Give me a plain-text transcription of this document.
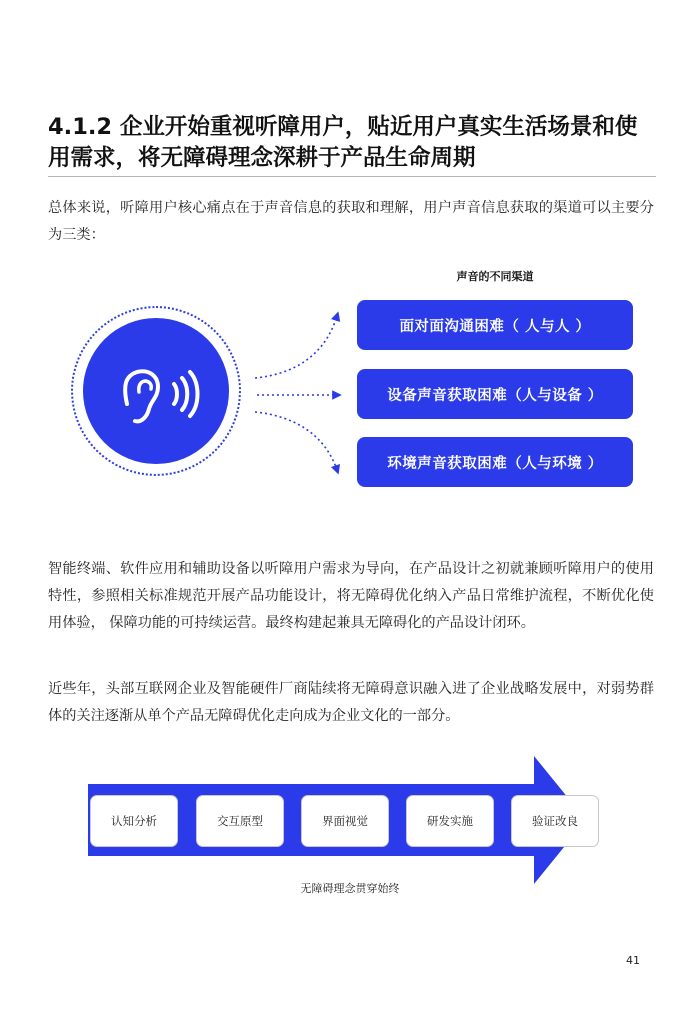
4.1.2 企业开始重视听障用户，贴近用户真实生活场景和使用需求，将无障碍理念深耕于产品生命周期

总体来说，听障用户核心痛点在于声音信息的获取和理解，用户声音信息获取的渠道可以主要分为三类：

声音的不同渠道
面对面沟通困难（ 人与人 ）
设备声音获取困难（人与设备 ）
环境声音获取困难（人与环境 ）

智能终端、软件应用和辅助设备以听障用户需求为导向，在产品设计之初就兼顾听障用户的使用特性，参照相关标准规范开展产品功能设计，将无障碍优化纳入产品日常维护流程，不断优化使用体验， 保障功能的可持续运营。最终构建起兼具无障碍化的产品设计闭环。

近些年，头部互联网企业及智能硬件厂商陆续将无障碍意识融入进了企业战略发展中，对弱势群体的关注逐渐从单个产品无障碍优化走向成为企业文化的一部分。

认知分析	交互原型	界面视觉	研发实施	验证改良
无障碍理念贯穿始终
41
